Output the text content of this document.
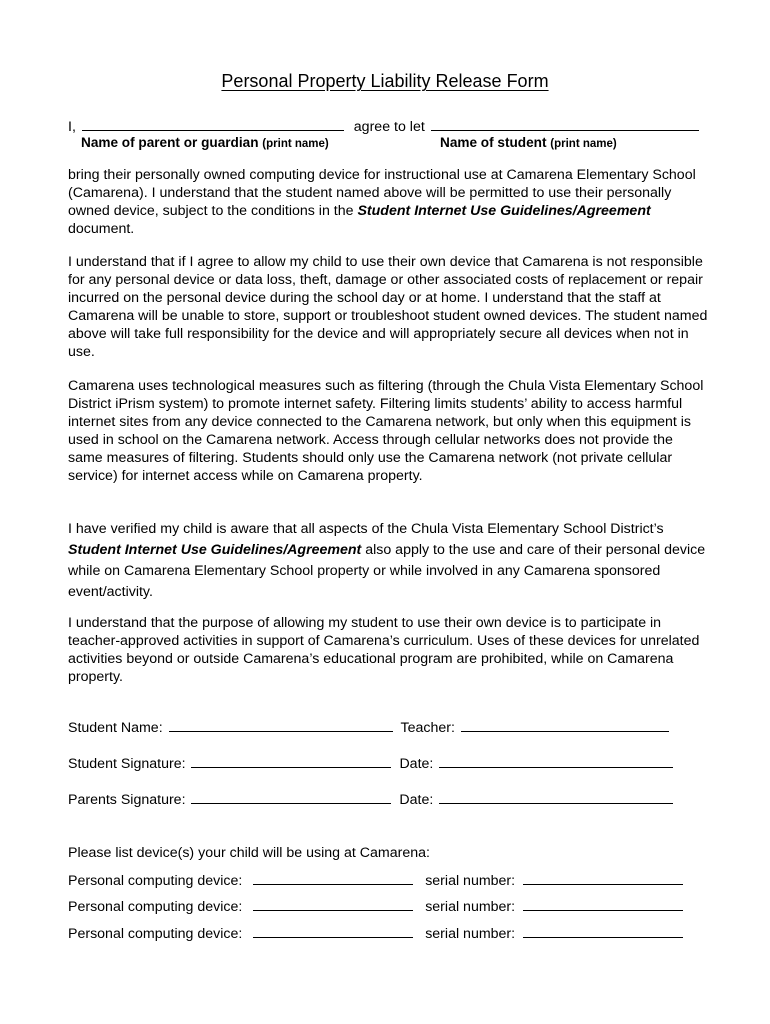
Personal Property Liability Release Form
I,	agree to let
Name of parent or guardian (print name)	Name of student (print name)
bring their personally owned computing device for instructional use at Camarena Elementary School (Camarena). I understand that the student named above will be permitted to use their personally owned device, subject to the conditions in the Student Internet Use Guidelines/Agreement document.
I understand that if I agree to allow my child to use their own device that Camarena is not responsible for any personal device or data loss, theft, damage or other associated costs of replacement or repair incurred on the personal device during the school day or at home. I understand that the staff at Camarena will be unable to store, support or troubleshoot student owned devices. The student named above will take full responsibility for the device and will appropriately secure all devices when not in use.
Camarena uses technological measures such as filtering (through the Chula Vista Elementary School District iPrism system) to promote internet safety. Filtering limits students’ ability to access harmful internet sites from any device connected to the Camarena network, but only when this equipment is used in school on the Camarena network. Access through cellular networks does not provide the same measures of filtering. Students should only use the Camarena network (not private cellular service) for internet access while on Camarena property.
I have verified my child is aware that all aspects of the Chula Vista Elementary School District’s Student Internet Use Guidelines/Agreement also apply to the use and care of their personal device while on Camarena Elementary School property or while involved in any Camarena sponsored event/activity.
I understand that the purpose of allowing my student to use their own device is to participate in teacher-approved activities in support of Camarena’s curriculum. Uses of these devices for unrelated activities beyond or outside Camarena’s educational program are prohibited, while on Camarena property.
Student Name:	Teacher:
Student Signature:	Date:
Parents Signature:	Date:
Please list device(s) your child will be using at Camarena:
Personal computing device:	serial number:
Personal computing device:	serial number:
Personal computing device:	serial number:
